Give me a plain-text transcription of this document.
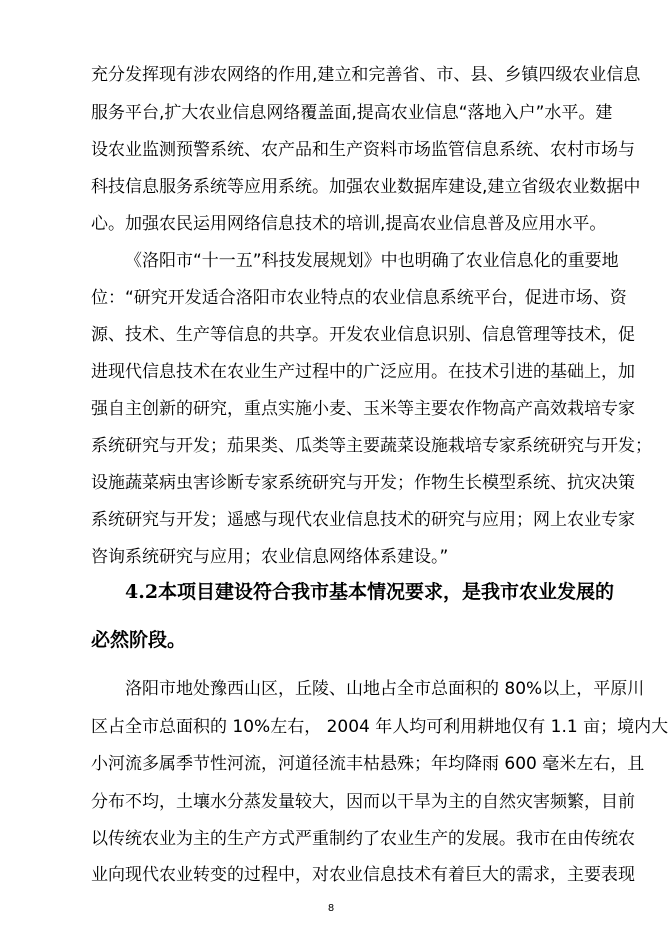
充分发挥现有涉农网络的作用,建立和完善省、市、县、乡镇四级农业信息
服务平台,扩大农业信息网络覆盖面,提高农业信息“落地入户”水平。建
设农业监测预警系统、农产品和生产资料市场监管信息系统、农村市场与
科技信息服务系统等应用系统。加强农业数据库建设,建立省级农业数据中
心。加强农民运用网络信息技术的培训,提高农业信息普及应用水平。
《洛阳市“十一五”科技发展规划》中也明确了农业信息化的重要地
位：“研究开发适合洛阳市农业特点的农业信息系统平台，促进市场、资
源、技术、生产等信息的共享。开发农业信息识别、信息管理等技术，促
进现代信息技术在农业生产过程中的广泛应用。在技术引进的基础上，加
强自主创新的研究，重点实施小麦、玉米等主要农作物高产高效栽培专家
系统研究与开发；茄果类、瓜类等主要蔬菜设施栽培专家系统研究与开发；
设施蔬菜病虫害诊断专家系统研究与开发；作物生长模型系统、抗灾决策
系统研究与开发；遥感与现代农业信息技术的研究与应用；网上农业专家
咨询系统研究与应用；农业信息网络体系建设。”
4.2本项目建设符合我市基本情况要求，是我市农业发展的
必然阶段。
洛阳市地处豫西山区，丘陵、山地占全市总面积的 80%以上，平原川
区占全市总面积的 10%左右， 2004 年人均可利用耕地仅有 1.1 亩；境内大
小河流多属季节性河流，河道径流丰枯悬殊；年均降雨 600 毫米左右，且
分布不均，土壤水分蒸发量较大，因而以干旱为主的自然灾害频繁，目前
以传统农业为主的生产方式严重制约了农业生产的发展。我市在由传统农
业向现代农业转变的过程中，对农业信息技术有着巨大的需求，主要表现
8
